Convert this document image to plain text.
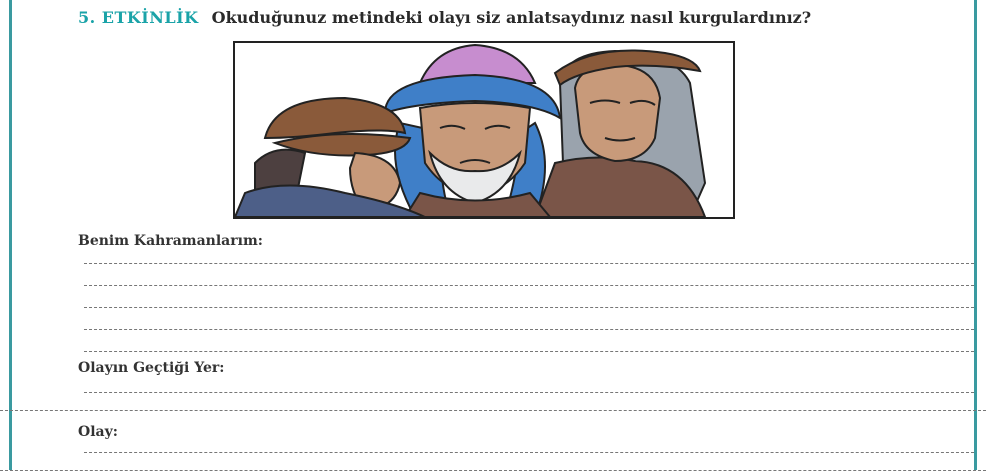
5. ETKİNLİK Okuduğunuz metindeki olayı siz anlatsaydınız nasıl kurgulardınız?
Benim Kahramanlarım:
Olayın Geçtiği Yer:
Olay:
